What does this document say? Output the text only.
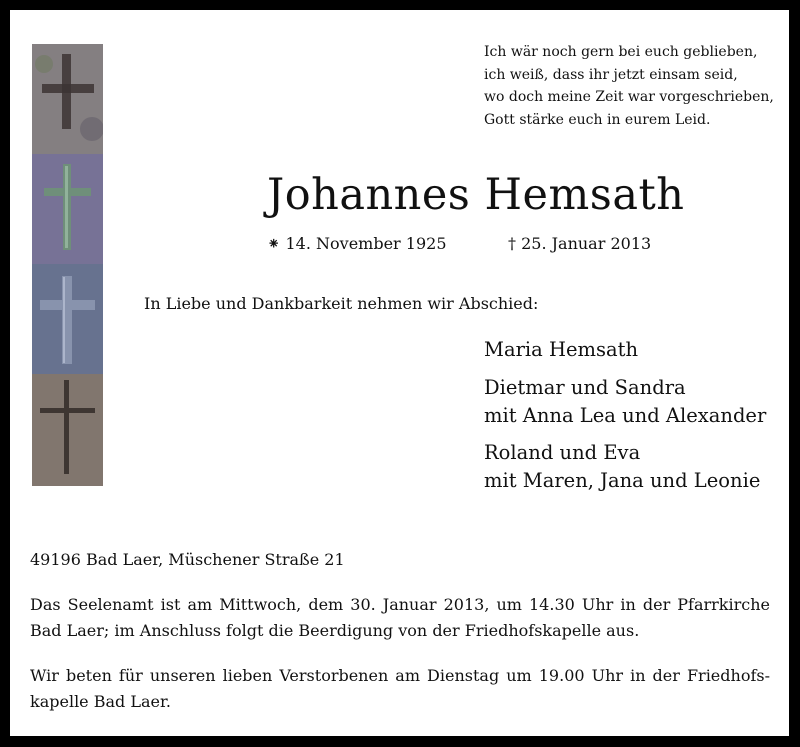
Ich wär noch gern bei euch geblieben,
ich weiß, dass ihr jetzt einsam seid,
wo doch meine Zeit war vorgeschrieben,
Gott stärke euch in eurem Leid.
Johannes Hemsath
⁕ 14. November 1925	† 25. Januar 2013
In Liebe und Dankbarkeit nehmen wir Abschied:
Maria Hemsath
Dietmar und Sandra
mit Anna Lea und Alexander
Roland und Eva
mit Maren, Jana und Leonie
49196 Bad Laer, Müschener Straße 21

Das Seelenamt ist am Mittwoch, dem 30. Januar 2013, um 14.30 Uhr in der Pfarrkirche Bad Laer; im Anschluss folgt die Beerdigung von der Friedhofskapelle aus.

Wir beten für unseren lieben Verstorbenen am Dienstag um 19.00 Uhr in der Friedhofskapelle Bad Laer.
